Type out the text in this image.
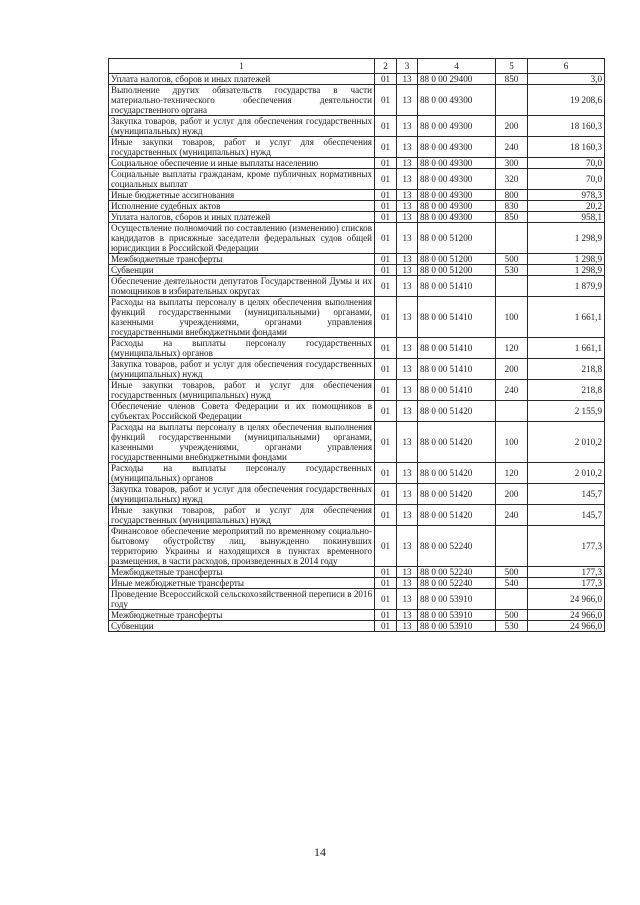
1	2	3	4	5	6
Уплата налогов, сборов и иных платежей	01	13	88 0 00 29400	850	3,0
Выполнение других обязательств государства в части материально-технического обеспечения деятельности государственного органа	01	13	88 0 00 49300		19 208,6
Закупка товаров, работ и услуг для обеспечения государственных (муниципальных) нужд	01	13	88 0 00 49300	200	18 160,3
Иные закупки товаров, работ и услуг для обеспечения государственных (муниципальных) нужд	01	13	88 0 00 49300	240	18 160,3
Социальное обеспечение и иные выплаты населению	01	13	88 0 00 49300	300	70,0
Социальные выплаты гражданам, кроме публичных нормативных социальных выплат	01	13	88 0 00 49300	320	70,0
Иные бюджетные ассигнования	01	13	88 0 00 49300	800	978,3
Исполнение судебных актов	01	13	88 0 00 49300	830	20,2
Уплата налогов, сборов и иных платежей	01	13	88 0 00 49300	850	958,1
Осуществление полномочий по составлению (изменению) списков кандидатов в присяжные заседатели федеральных судов общей юрисдикции в Российской Федерации	01	13	88 0 00 51200		1 298,9
Межбюджетные трансферты	01	13	88 0 00 51200	500	1 298,9
Субвенции	01	13	88 0 00 51200	530	1 298,9
Обеспечение деятельности депутатов Государственной Думы и их помощников в избирательных округах	01	13	88 0 00 51410		1 879,9
Расходы на выплаты персоналу в целях обеспечения выполнения функций государственными (муниципальными) органами, казенными учреждениями, органами управления государственными внебюджетными фондами	01	13	88 0 00 51410	100	1 661,1
Расходы на выплаты персоналу государственных (муниципальных) органов	01	13	88 0 00 51410	120	1 661,1
Закупка товаров, работ и услуг для обеспечения государственных (муниципальных) нужд	01	13	88 0 00 51410	200	218,8
Иные закупки товаров, работ и услуг для обеспечения государственных (муниципальных) нужд	01	13	88 0 00 51410	240	218,8
Обеспечение членов Совета Федерации и их помощников в субъектах Российской Федерации	01	13	88 0 00 51420		2 155,9
Расходы на выплаты персоналу в целях обеспечения выполнения функций государственными (муниципальными) органами, казенными учреждениями, органами управления государственными внебюджетными фондами	01	13	88 0 00 51420	100	2 010,2
Расходы на выплаты персоналу государственных (муниципальных) органов	01	13	88 0 00 51420	120	2 010,2
Закупка товаров, работ и услуг для обеспечения государственных (муниципальных) нужд	01	13	88 0 00 51420	200	145,7
Иные закупки товаров, работ и услуг для обеспечения государственных (муниципальных) нужд	01	13	88 0 00 51420	240	145,7
Финансовое обеспечение мероприятий по временному социально-бытовому обустройству лиц, вынужденно покинувших территорию Украины и находящихся в пунктах временного размещения, в части расходов, произведенных в 2014 году	01	13	88 0 00 52240		177,3
Межбюджетные трансферты	01	13	88 0 00 52240	500	177,3
Иные межбюджетные трансферты	01	13	88 0 00 52240	540	177,3
Проведение Всероссийской сельскохозяйственной переписи в 2016 году	01	13	88 0 00 53910		24 966,0
Межбюджетные трансферты	01	13	88 0 00 53910	500	24 966,0
Субвенции	01	13	88 0 00 53910	530	24 966,0
14
